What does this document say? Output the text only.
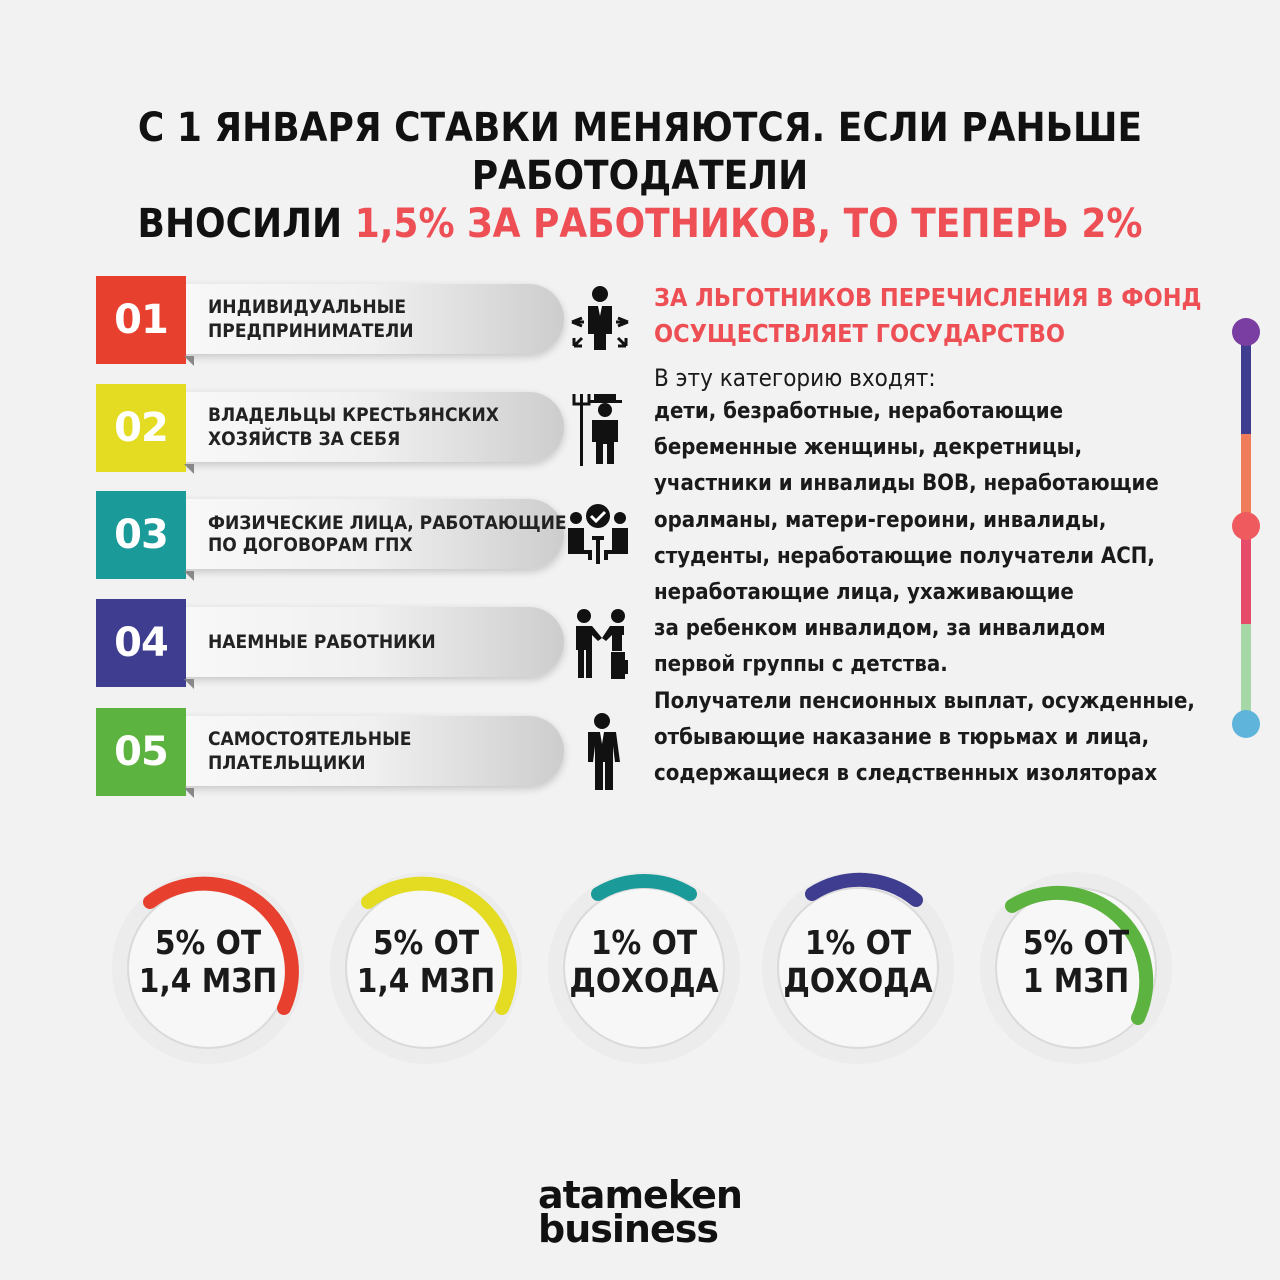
С 1 ЯНВАРЯ СТАВКИ МЕНЯЮТСЯ. ЕСЛИ РАНЬШЕ РАБОТОДАТЕЛИ
ВНОСИЛИ 1,5% ЗА РАБОТНИКОВ, ТО ТЕПЕРЬ 2%
01 ИНДИВИДУАЛЬНЫЕ
ПРЕДПРИНИМАТЕЛИ
02 ВЛАДЕЛЬЦЫ КРЕСТЬЯНСКИХ
ХОЗЯЙСТВ ЗА СЕБЯ
03 ФИЗИЧЕСКИЕ ЛИЦА, РАБОТАЮЩИЕ
ПО ДОГОВОРАМ ГПХ
04 НАЕМНЫЕ РАБОТНИКИ
05 САМОСТОЯТЕЛЬНЫЕ ПЛАТЕЛЬЩИКИ
ЗА ЛЬГОТНИКОВ ПЕРЕЧИСЛЕНИЯ В ФОНД
ОСУЩЕСТВЛЯЕТ ГОСУДАРСТВО
В эту категорию входят:
дети, безработные, неработающие
беременные женщины, декретницы,
участники и инвалиды ВОВ, неработающие
оралманы, матери-героини, инвалиды,
студенты, неработающие получатели АСП,
неработающие лица, ухаживающие
за ребенком инвалидом, за инвалидом
первой группы с детства.
Получатели пенсионных выплат, осужденные,
отбывающие наказание в тюрьмах и лица,
содержащиеся в следственных изоляторах
5% ОТ
1,4 МЗП
5% ОТ
1,4 МЗП
1% ОТ
ДОХОДА
1% ОТ
ДОХОДА
5% ОТ
1 МЗП
atameken
business
